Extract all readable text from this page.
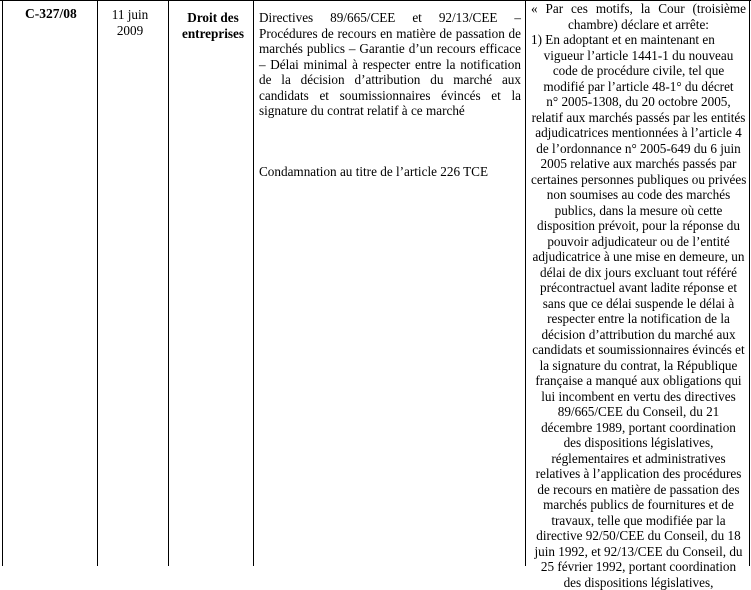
C-327/08	11 juin 2009
Droit des entreprises

Directives 89/665/CEE et 92/13/CEE – Procédures de recours en matière de passation de marchés publics – Garantie d’un recours efficace – Délai minimal à respecter entre la notification de la décision d’attribution du marché aux candidats et soumissionnaires évincés et la signature du contrat relatif à ce marché

Condamnation au titre de l’article 226 TCE

« Par ces motifs, la Cour (troisième
chambre) déclare et arrête:
1) En adoptant et en maintenant en
vigueur l’article 1441-1 du nouveau
code de procédure civile, tel que
modifié par l’article 48-1° du décret
n° 2005-1308, du 20 octobre 2005,
relatif aux marchés passés par les entités
adjudicatrices mentionnées à l’article 4
de l’ordonnance n° 2005-649 du 6 juin
2005 relative aux marchés passés par
certaines personnes publiques ou privées
non soumises au code des marchés
publics, dans la mesure où cette
disposition prévoit, pour la réponse du
pouvoir adjudicateur ou de l’entité
adjudicatrice à une mise en demeure, un
délai de dix jours excluant tout référé
précontractuel avant ladite réponse et
sans que ce délai suspende le délai à
respecter entre la notification de la
décision d’attribution du marché aux
candidats et soumissionnaires évincés et
la signature du contrat, la République
française a manqué aux obligations qui
lui incombent en vertu des directives
89/665/CEE du Conseil, du 21
décembre 1989, portant coordination
des dispositions législatives,
réglementaires et administratives
relatives à l’application des procédures
de recours en matière de passation des
marchés publics de fournitures et de
travaux, telle que modifiée par la
directive 92/50/CEE du Conseil, du 18
juin 1992, et 92/13/CEE du Conseil, du
25 février 1992, portant coordination
des dispositions législatives,
